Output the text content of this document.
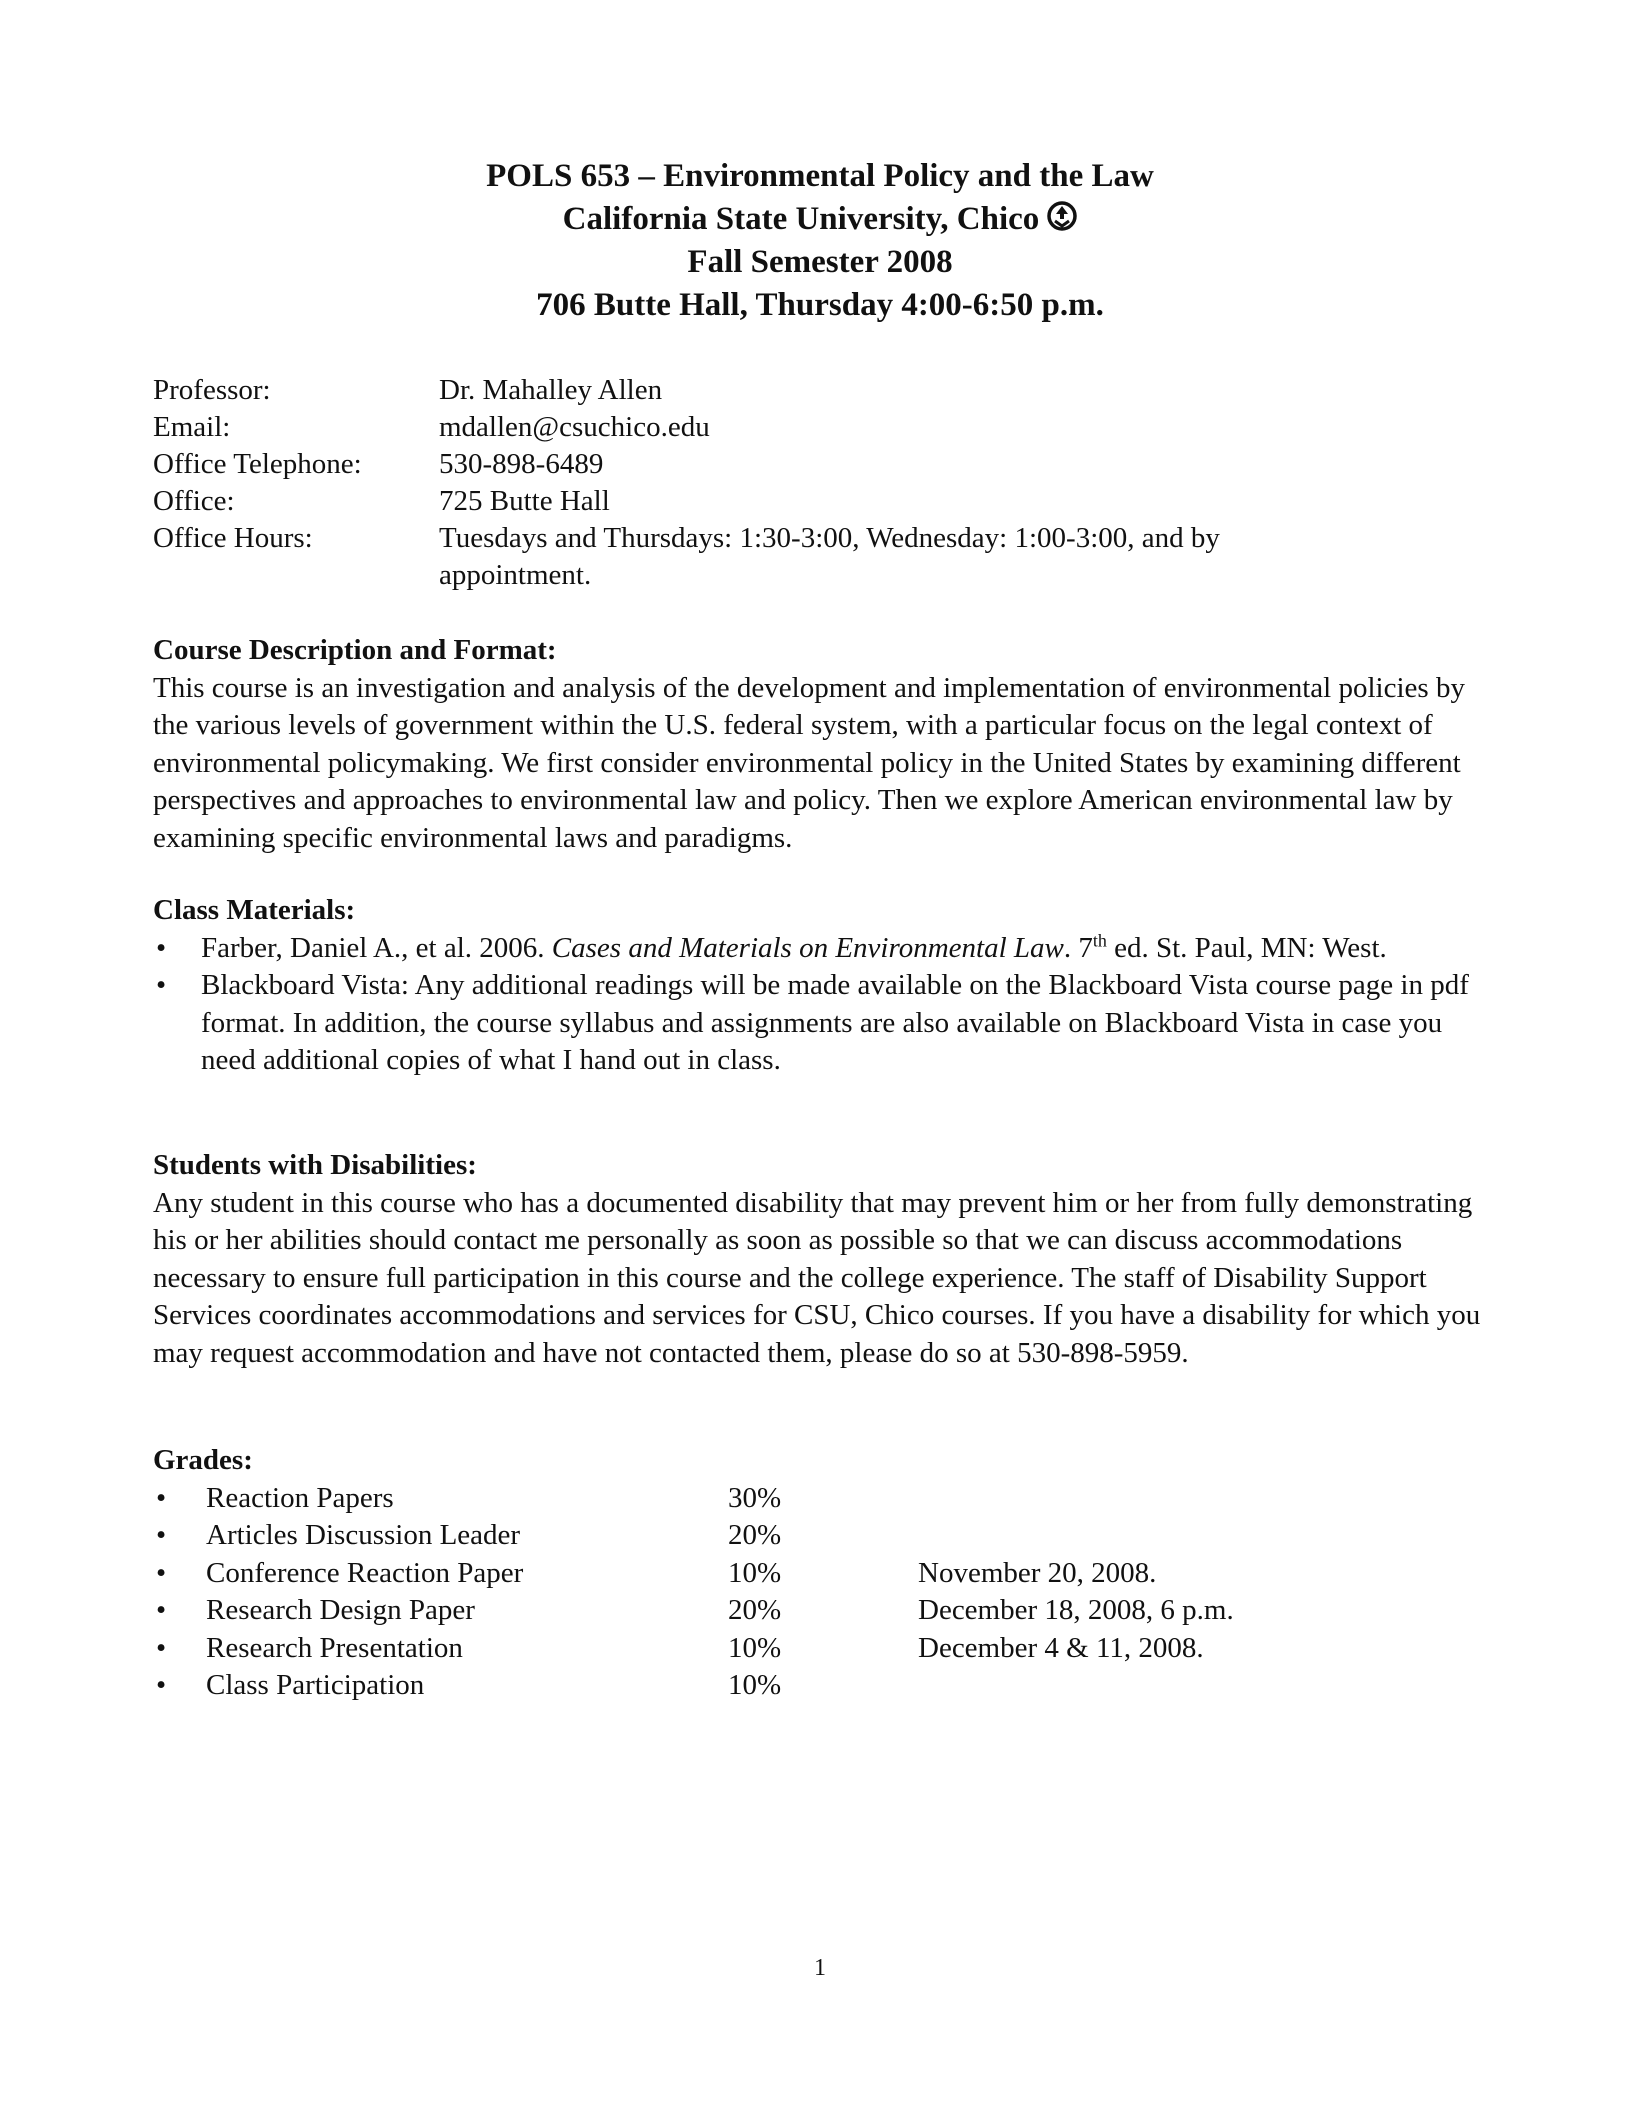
POLS 653 – Environmental Policy and the Law
California State University, Chico
Fall Semester 2008
706 Butte Hall, Thursday 4:00-6:50 p.m.
Professor:	Dr. Mahalley Allen
Email:	mdallen@csuchico.edu
Office Telephone:	530-898-6489
Office:	725 Butte Hall
Office Hours:	Tuesdays and Thursdays: 1:30-3:00, Wednesday: 1:00-3:00, and by appointment.
Course Description and Format:

This course is an investigation and analysis of the development and implementation of environmental policies by the various levels of government within the U.S. federal system, with a particular focus on the legal context of environmental policymaking. We first consider environmental policy in the United States by examining different perspectives and approaches to environmental law and policy. Then we explore American environmental law by examining specific environmental laws and paradigms.

Class Materials:
• Farber, Daniel A., et al. 2006. Cases and Materials on Environmental Law. 7th ed. St. Paul, MN: West.
• Blackboard Vista: Any additional readings will be made available on the Blackboard Vista course page in pdf format. In addition, the course syllabus and assignments are also available on Blackboard Vista in case you need additional copies of what I hand out in class.
Students with Disabilities:

Any student in this course who has a documented disability that may prevent him or her from fully demonstrating his or her abilities should contact me personally as soon as possible so that we can discuss accommodations necessary to ensure full participation in this course and the college experience. The staff of Disability Support Services coordinates accommodations and services for CSU, Chico courses. If you have a disability for which you may request accommodation and have not contacted them, please do so at 530-898-5959.

Grades:
•	Reaction Papers	30%
•	Articles Discussion Leader	20%
•	Conference Reaction Paper	10%	November 20, 2008.
•	Research Design Paper	20%	December 18, 2008, 6 p.m.
•	Research Presentation	10%	December 4 & 11, 2008.
•	Class Participation	10%
1
